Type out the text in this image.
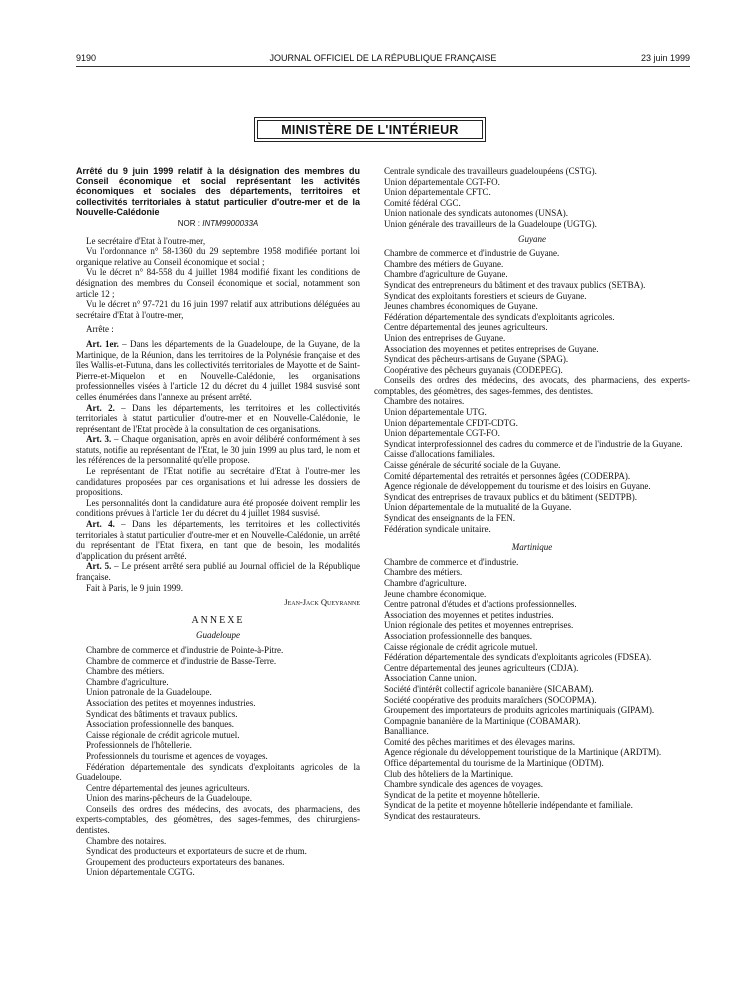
9190	JOURNAL OFFICIEL DE LA RÉPUBLIQUE FRANÇAISE	23 juin 1999
MINISTÈRE DE L'INTÉRIEUR
Arrêté du 9 juin 1999 relatif à la désignation des membres du Conseil économique et social représentant les activités économiques et sociales des départements, territoires et collectivités territoriales à statut particulier d'outre-mer et de la Nouvelle-Calédonie
NOR : INTM9900033A

Le secrétaire d'Etat à l'outre-mer,

Vu l'ordonnance n° 58-1360 du 29 septembre 1958 modifiée portant loi organique relative au Conseil économique et social ;

Vu le décret n° 84-558 du 4 juillet 1984 modifié fixant les conditions de désignation des membres du Conseil économique et social, notamment son article 12 ;

Vu le décret n° 97-721 du 16 juin 1997 relatif aux attributions déléguées au secrétaire d'Etat à l'outre-mer,

Arrête :

Art. 1er. – Dans les départements de la Guadeloupe, de la Guyane, de la Martinique, de la Réunion, dans les territoires de la Polynésie française et des îles Wallis-et-Futuna, dans les collectivités territoriales de Mayotte et de Saint-Pierre-et-Miquelon et en Nouvelle-Calédonie, les organisations professionnelles visées à l'article 12 du décret du 4 juillet 1984 susvisé sont celles énumérées dans l'annexe au présent arrêté.

Art. 2. – Dans les départements, les territoires et les collectivités territoriales à statut particulier d'outre-mer et en Nouvelle-Calédonie, le représentant de l'Etat procède à la consultation de ces organisations.

Art. 3. – Chaque organisation, après en avoir délibéré conformément à ses statuts, notifie au représentant de l'Etat, le 30 juin 1999 au plus tard, le nom et les références de la personnalité qu'elle propose.

Le représentant de l'Etat notifie au secrétaire d'Etat à l'outre-mer les candidatures proposées par ces organisations et lui adresse les dossiers de propositions.

Les personnalités dont la candidature aura été proposée doivent remplir les conditions prévues à l'article 1er du décret du 4 juillet 1984 susvisé.

Art. 4. – Dans les départements, les territoires et les collectivités territoriales à statut particulier d'outre-mer et en Nouvelle-Calédonie, un arrêté du représentant de l'Etat fixera, en tant que de besoin, les modalités d'application du présent arrêté.

Art. 5. – Le présent arrêté sera publié au Journal officiel de la République française.

Fait à Paris, le 9 juin 1999.

Jean-Jack Queyranne
ANNEXE
Guadeloupe

Chambre de commerce et d'industrie de Pointe-à-Pitre.

Chambre de commerce et d'industrie de Basse-Terre.

Chambre des métiers.

Chambre d'agriculture.

Union patronale de la Guadeloupe.

Association des petites et moyennes industries.

Syndicat des bâtiments et travaux publics.

Association professionnelle des banques.

Caisse régionale de crédit agricole mutuel.

Professionnels de l'hôtellerie.

Professionnels du tourisme et agences de voyages.

Fédération départementale des syndicats d'exploitants agricoles de la Guadeloupe.

Centre départemental des jeunes agriculteurs.

Union des marins-pêcheurs de la Guadeloupe.

Conseils des ordres des médecins, des avocats, des pharmaciens, des experts-comptables, des géomètres, des sages-femmes, des chirurgiens-dentistes.

Chambre des notaires.

Syndicat des producteurs et exportateurs de sucre et de rhum.

Groupement des producteurs exportateurs des bananes.

Union départementale CGTG.

Centrale syndicale des travailleurs guadeloupéens (CSTG).

Union départementale CGT-FO.

Union départementale CFTC.

Comité fédéral CGC.

Union nationale des syndicats autonomes (UNSA).

Union générale des travailleurs de la Guadeloupe (UGTG).

Guyane

Chambre de commerce et d'industrie de Guyane.

Chambre des métiers de Guyane.

Chambre d'agriculture de Guyane.

Syndicat des entrepreneurs du bâtiment et des travaux publics (SETBA).

Syndicat des exploitants forestiers et scieurs de Guyane.

Jeunes chambres économiques de Guyane.

Fédération départementale des syndicats d'exploitants agricoles.

Centre départemental des jeunes agriculteurs.

Union des entreprises de Guyane.

Association des moyennes et petites entreprises de Guyane.

Syndicat des pêcheurs-artisans de Guyane (SPAG).

Coopérative des pêcheurs guyanais (CODEPEG).

Conseils des ordres des médecins, des avocats, des pharmaciens, des experts-comptables, des géomètres, des sages-femmes, des dentistes.

Chambre des notaires.

Union départementale UTG.

Union départementale CFDT-CDTG.

Union départementale CGT-FO.

Syndicat interprofessionnel des cadres du commerce et de l'industrie de la Guyane.

Caisse d'allocations familiales.

Caisse générale de sécurité sociale de la Guyane.

Comité départemental des retraités et personnes âgées (CODERPA).

Agence régionale de développement du tourisme et des loisirs en Guyane.

Syndicat des entreprises de travaux publics et du bâtiment (SEDTPB).

Union départementale de la mutualité de la Guyane.

Syndicat des enseignants de la FEN.

Fédération syndicale unitaire.

Martinique

Chambre de commerce et d'industrie.

Chambre des métiers.

Chambre d'agriculture.

Jeune chambre économique.

Centre patronal d'études et d'actions professionnelles.

Association des moyennes et petites industries.

Union régionale des petites et moyennes entreprises.

Association professionnelle des banques.

Caisse régionale de crédit agricole mutuel.

Fédération départementale des syndicats d'exploitants agricoles (FDSEA).

Centre départemental des jeunes agriculteurs (CDJA).

Association Canne union.

Société d'intérêt collectif agricole bananière (SICABAM).

Société coopérative des produits maraîchers (SOCOPMA).

Groupement des importateurs de produits agricoles martiniquais (GIPAM).

Compagnie bananière de la Martinique (COBAMAR).

Banalliance.

Comité des pêches maritimes et des élevages marins.

Agence régionale du développement touristique de la Martinique (ARDTM).

Office départemental du tourisme de la Martinique (ODTM).

Club des hôteliers de la Martinique.

Chambre syndicale des agences de voyages.

Syndicat de la petite et moyenne hôtellerie.

Syndicat de la petite et moyenne hôtellerie indépendante et familiale.

Syndicat des restaurateurs.
